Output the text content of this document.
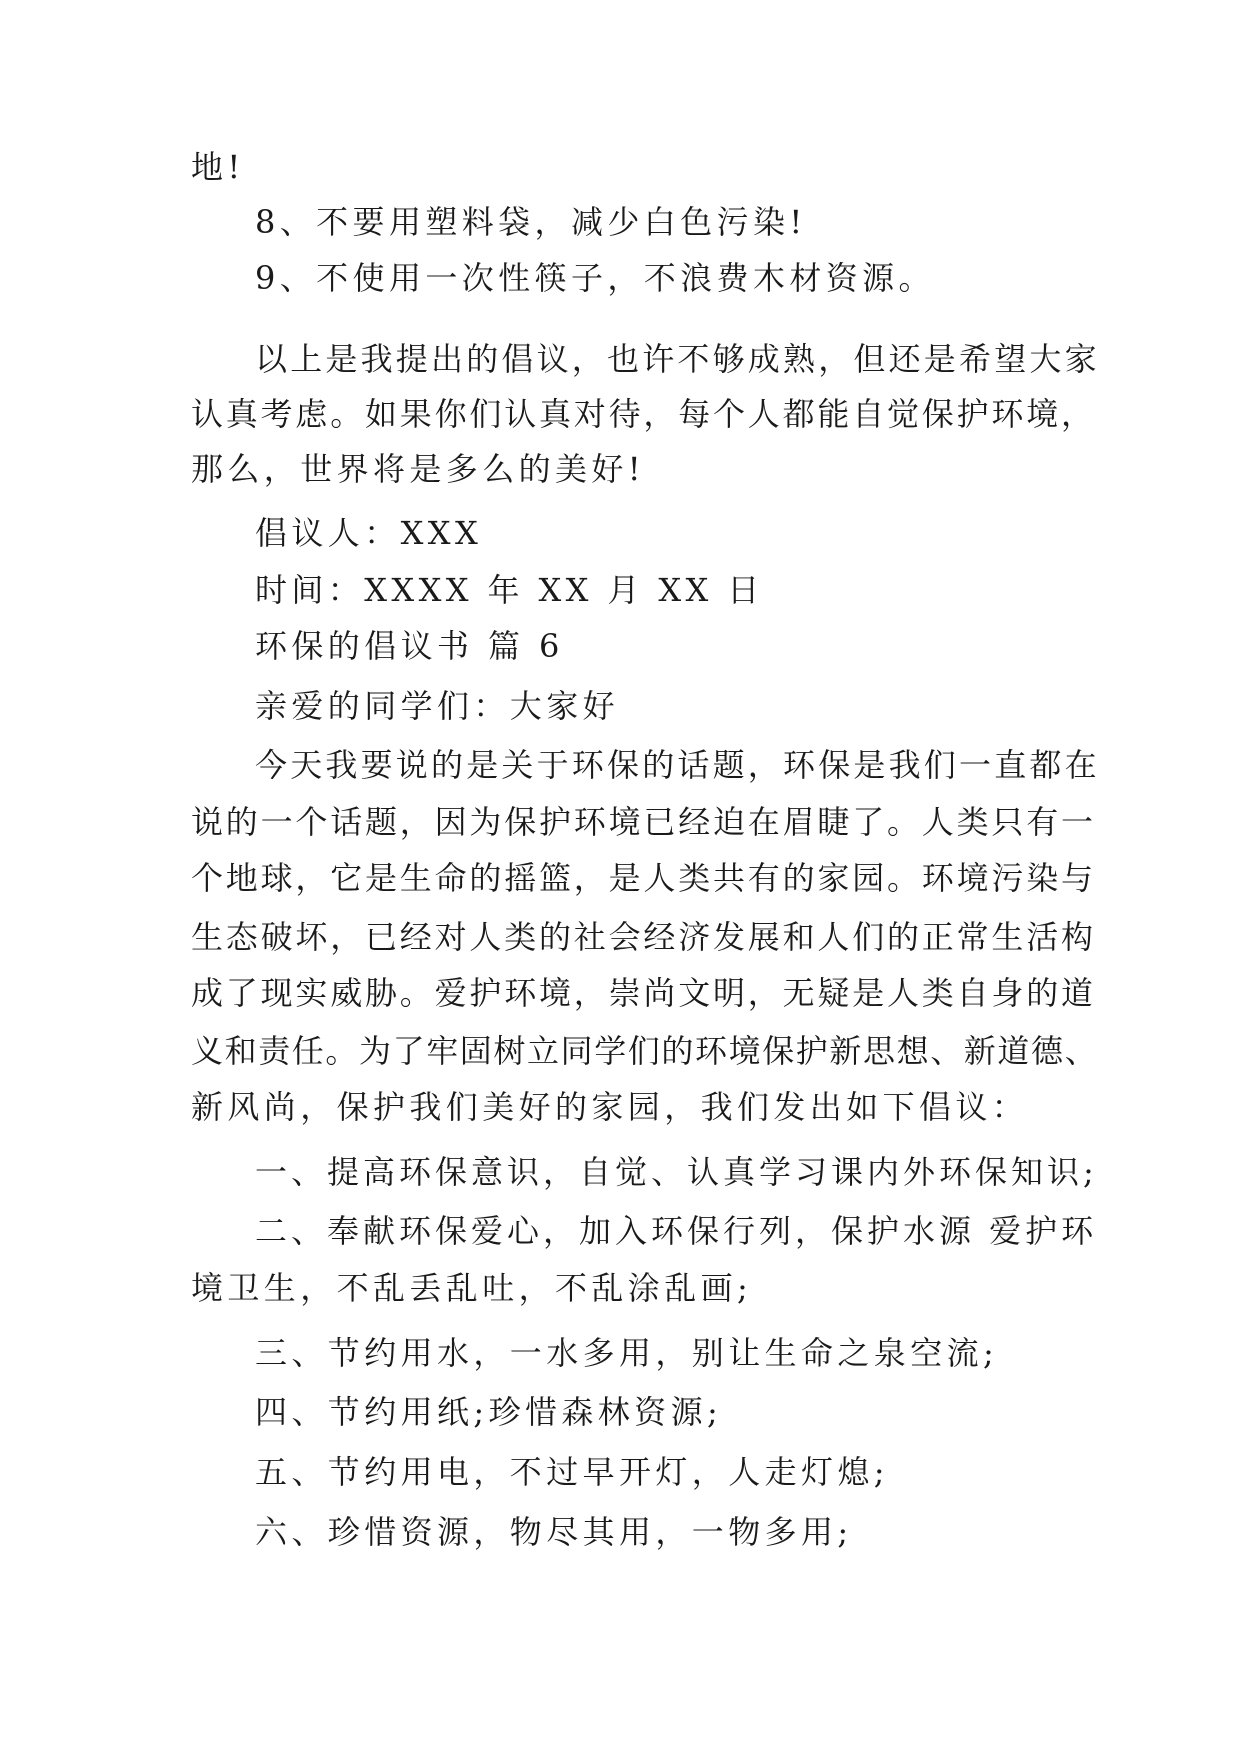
地!
8、不要用塑料袋，减少白色污染!
9、不使用一次性筷子，不浪费木材资源。
以上是我提出的倡议，也许不够成熟，但还是希望大家
认真考虑。如果你们认真对待，每个人都能自觉保护环境，
那么，世界将是多么的美好!
倡议人：XXX
时间：XXXX 年 XX 月 XX 日
环保的倡议书 篇 6
亲爱的同学们：大家好
今天我要说的是关于环保的话题，环保是我们一直都在
说的一个话题，因为保护环境已经迫在眉睫了。人类只有一
个地球，它是生命的摇篮，是人类共有的家园。环境污染与
生态破坏，已经对人类的社会经济发展和人们的正常生活构
成了现实威胁。爱护环境，崇尚文明，无疑是人类自身的道
义和责任。为了牢固树立同学们的环境保护新思想、新道德、
新风尚，保护我们美好的家园，我们发出如下倡议：
一、提高环保意识，自觉、认真学习课内外环保知识;
二、奉献环保爱心，加入环保行列，保护水源 爱护环
境卫生，不乱丢乱吐，不乱涂乱画;
三、节约用水，一水多用，别让生命之泉空流;
四、节约用纸;珍惜森林资源;
五、节约用电，不过早开灯，人走灯熄;
六、珍惜资源，物尽其用，一物多用;
